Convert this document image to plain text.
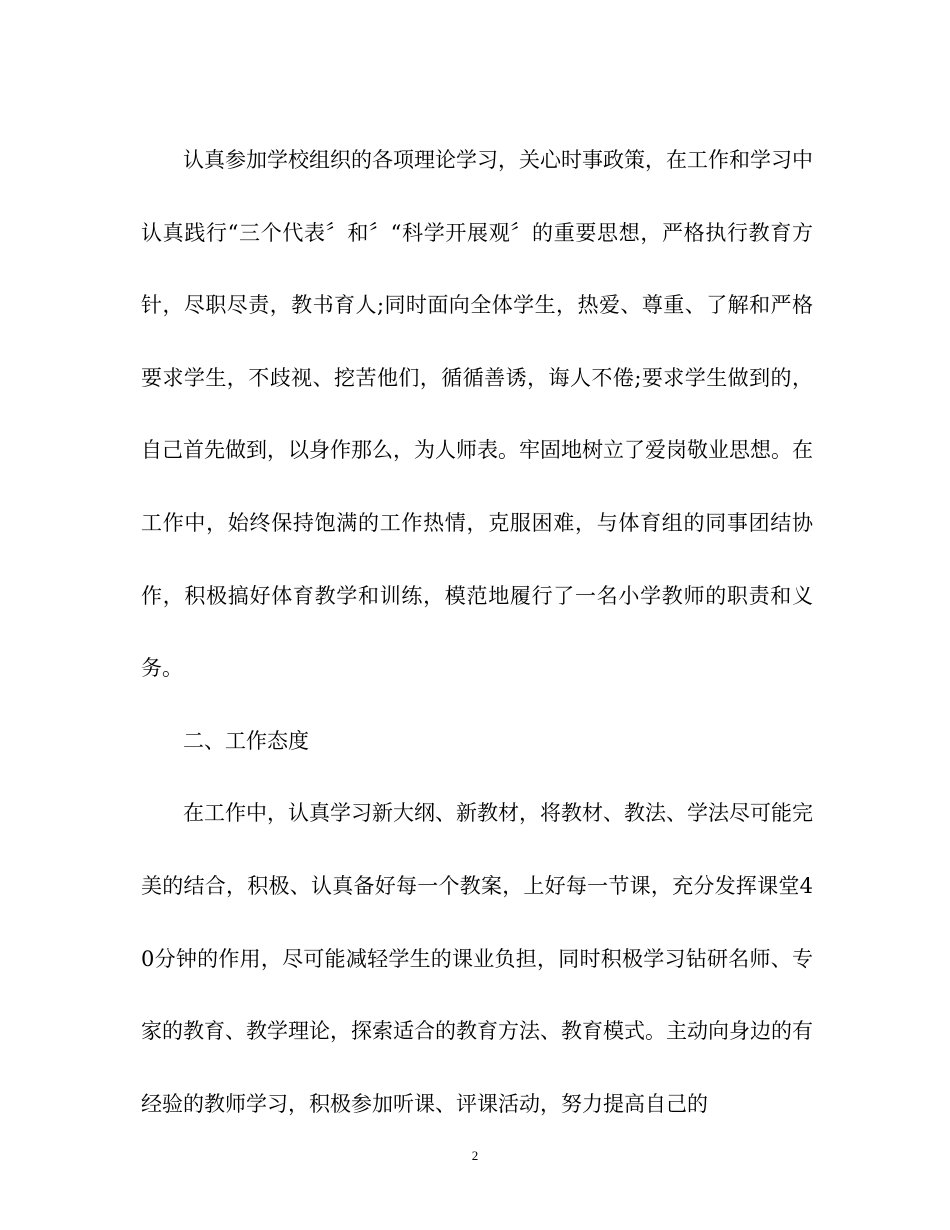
认真参加学校组织的各项理论学习，关心时事政策，在工作和学习中认真践行“三个代表〞和〞“科学开展观〞的重要思想，严格执行教育方针，尽职尽责，教书育人;同时面向全体学生，热爱、尊重、了解和严格要求学生，不歧视、挖苦他们，循循善诱，诲人不倦;要求学生做到的，自己首先做到，以身作那么，为人师表。牢固地树立了爱岗敬业思想。在工作中，始终保持饱满的工作热情，克服困难，与体育组的同事团结协作，积极搞好体育教学和训练，模范地履行了一名小学教师的职责和义务。

二、工作态度

在工作中，认真学习新大纲、新教材，将教材、教法、学法尽可能完美的结合，积极、认真备好每一个教案，上好每一节课，充分发挥课堂40分钟的作用，尽可能减轻学生的课业负担，同时积极学习钻研名师、专家的教育、教学理论，探索适合的教育方法、教育模式。主动向身边的有经验的教师学习，积极参加听课、评课活动，努力提高自己的

2
